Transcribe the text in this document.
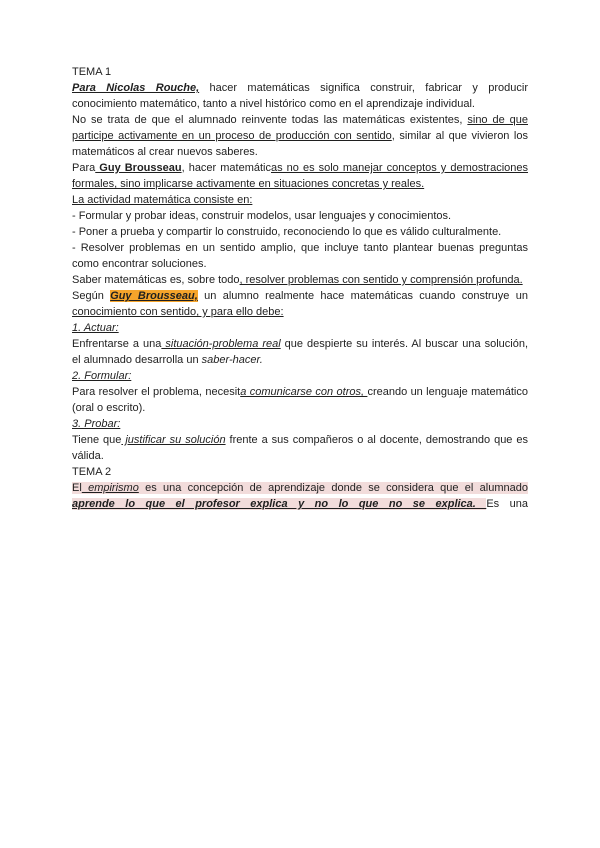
TEMA 1

Para Nicolas Rouche, hacer matemáticas significa construir, fabricar y producir conocimiento matemático, tanto a nivel histórico como en el aprendizaje individual.

No se trata de que el alumnado reinvente todas las matemáticas existentes, sino de que participe activamente en un proceso de producción con sentido, similar al que vivieron los matemáticos al crear nuevos saberes.

Para Guy Brousseau, hacer matemáticas no es solo manejar conceptos y demostraciones formales, sino implicarse activamente en situaciones concretas y reales.

La actividad matemática consiste en:

- Formular y probar ideas, construir modelos, usar lenguajes y conocimientos.

- Poner a prueba y compartir lo construido, reconociendo lo que es válido culturalmente.

- Resolver problemas en un sentido amplio, que incluye tanto plantear buenas preguntas como encontrar soluciones.

Saber matemáticas es, sobre todo, resolver problemas con sentido y comprensión profunda.

Según Guy Brousseau, un alumno realmente hace matemáticas cuando construye un conocimiento con sentido, y para ello debe:

1. Actuar:

Enfrentarse a una situación-problema real que despierte su interés. Al buscar una solución, el alumnado desarrolla un saber-hacer.

2. Formular:

Para resolver el problema, necesita comunicarse con otros, creando un lenguaje matemático (oral o escrito).

3. Probar:

Tiene que justificar su solución frente a sus compañeros o al docente, demostrando que es válida.

TEMA 2

El empirismo es una concepción de aprendizaje donde se considera que el alumnado aprende lo que el profesor explica y no lo que no se explica. Es una
